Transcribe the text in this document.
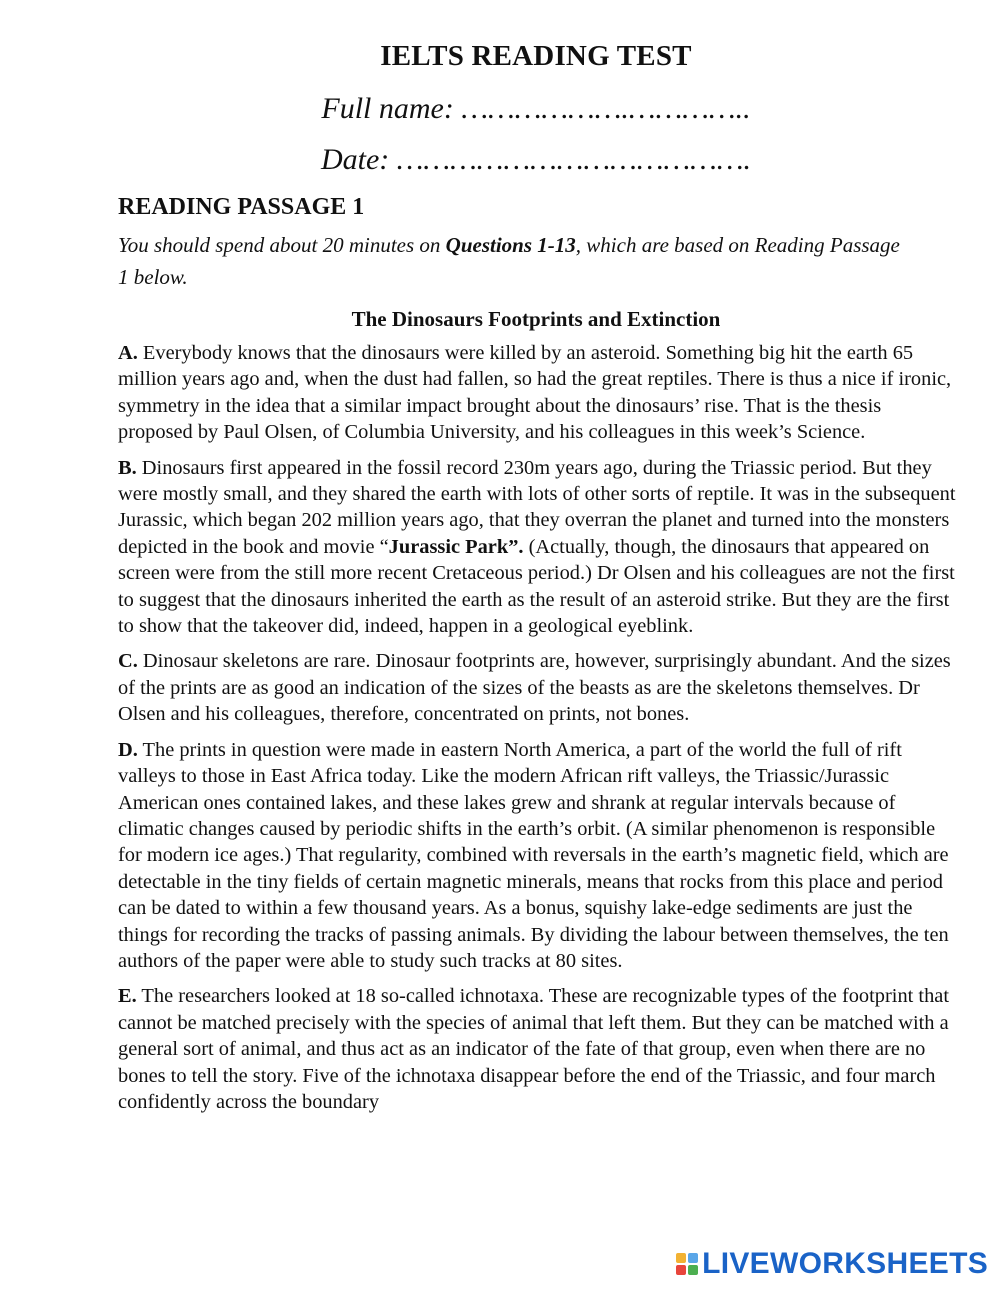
IELTS READING TEST
Full name: ……………….…………..
Date: ………………………………….
READING PASSAGE 1
You should spend about 20 minutes on Questions 1-13, which are based on Reading Passage 1 below.
The Dinosaurs Footprints and Extinction

A. Everybody knows that the dinosaurs were killed by an asteroid. Something big hit the earth 65 million years ago and, when the dust had fallen, so had the great reptiles. There is thus a nice if ironic, symmetry in the idea that a similar impact brought about the dinosaurs’ rise. That is the thesis proposed by Paul Olsen, of Columbia University, and his colleagues in this week’s Science.

B. Dinosaurs first appeared in the fossil record 230m years ago, during the Triassic period. But they were mostly small, and they shared the earth with lots of other sorts of reptile. It was in the subsequent Jurassic, which began 202 million years ago, that they overran the planet and turned into the monsters depicted in the book and movie “Jurassic Park”. (Actually, though, the dinosaurs that appeared on screen were from the still more recent Cretaceous period.) Dr Olsen and his colleagues are not the first to suggest that the dinosaurs inherited the earth as the result of an asteroid strike. But they are the first to show that the takeover did, indeed, happen in a geological eyeblink.

C. Dinosaur skeletons are rare. Dinosaur footprints are, however, surprisingly abundant. And the sizes of the prints are as good an indication of the sizes of the beasts as are the skeletons themselves. Dr Olsen and his colleagues, therefore, concentrated on prints, not bones.

D. The prints in question were made in eastern North America, a part of the world the full of rift valleys to those in East Africa today. Like the modern African rift valleys, the Triassic/Jurassic American ones contained lakes, and these lakes grew and shrank at regular intervals because of climatic changes caused by periodic shifts in the earth’s orbit. (A similar phenomenon is responsible for modern ice ages.) That regularity, combined with reversals in the earth’s magnetic field, which are detectable in the tiny fields of certain magnetic minerals, means that rocks from this place and period can be dated to within a few thousand years. As a bonus, squishy lake-edge sediments are just the things for recording the tracks of passing animals. By dividing the labour between themselves, the ten authors of the paper were able to study such tracks at 80 sites.

E. The researchers looked at 18 so-called ichnotaxa. These are recognizable types of the footprint that cannot be matched precisely with the species of animal that left them. But they can be matched with a general sort of animal, and thus act as an indicator of the fate of that group, even when there are no bones to tell the story. Five of the ichnotaxa disappear before the end of the Triassic, and four march confidently across the boundary

LIVEWORKSHEETS
